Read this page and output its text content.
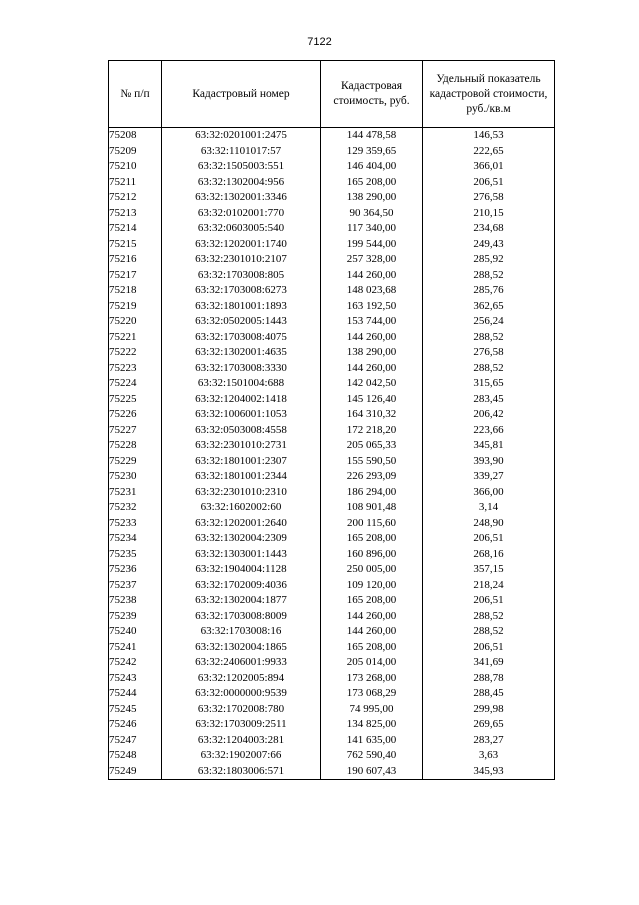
7122
№ п/п	Кадастровый номер	Кадастровая стоимость, руб.	Удельный показатель кадастровой стоимости, руб./кв.м
75208	63:32:0201001:2475	144 478,58	146,53
75209	63:32:1101017:57	129 359,65	222,65
75210	63:32:1505003:551	146 404,00	366,01
75211	63:32:1302004:956	165 208,00	206,51
75212	63:32:1302001:3346	138 290,00	276,58
75213	63:32:0102001:770	90 364,50	210,15
75214	63:32:0603005:540	117 340,00	234,68
75215	63:32:1202001:1740	199 544,00	249,43
75216	63:32:2301010:2107	257 328,00	285,92
75217	63:32:1703008:805	144 260,00	288,52
75218	63:32:1703008:6273	148 023,68	285,76
75219	63:32:1801001:1893	163 192,50	362,65
75220	63:32:0502005:1443	153 744,00	256,24
75221	63:32:1703008:4075	144 260,00	288,52
75222	63:32:1302001:4635	138 290,00	276,58
75223	63:32:1703008:3330	144 260,00	288,52
75224	63:32:1501004:688	142 042,50	315,65
75225	63:32:1204002:1418	145 126,40	283,45
75226	63:32:1006001:1053	164 310,32	206,42
75227	63:32:0503008:4558	172 218,20	223,66
75228	63:32:2301010:2731	205 065,33	345,81
75229	63:32:1801001:2307	155 590,50	393,90
75230	63:32:1801001:2344	226 293,09	339,27
75231	63:32:2301010:2310	186 294,00	366,00
75232	63:32:1602002:60	108 901,48	3,14
75233	63:32:1202001:2640	200 115,60	248,90
75234	63:32:1302004:2309	165 208,00	206,51
75235	63:32:1303001:1443	160 896,00	268,16
75236	63:32:1904004:1128	250 005,00	357,15
75237	63:32:1702009:4036	109 120,00	218,24
75238	63:32:1302004:1877	165 208,00	206,51
75239	63:32:1703008:8009	144 260,00	288,52
75240	63:32:1703008:16	144 260,00	288,52
75241	63:32:1302004:1865	165 208,00	206,51
75242	63:32:2406001:9933	205 014,00	341,69
75243	63:32:1202005:894	173 268,00	288,78
75244	63:32:0000000:9539	173 068,29	288,45
75245	63:32:1702008:780	74 995,00	299,98
75246	63:32:1703009:2511	134 825,00	269,65
75247	63:32:1204003:281	141 635,00	283,27
75248	63:32:1902007:66	762 590,40	3,63
75249	63:32:1803006:571	190 607,43	345,93
